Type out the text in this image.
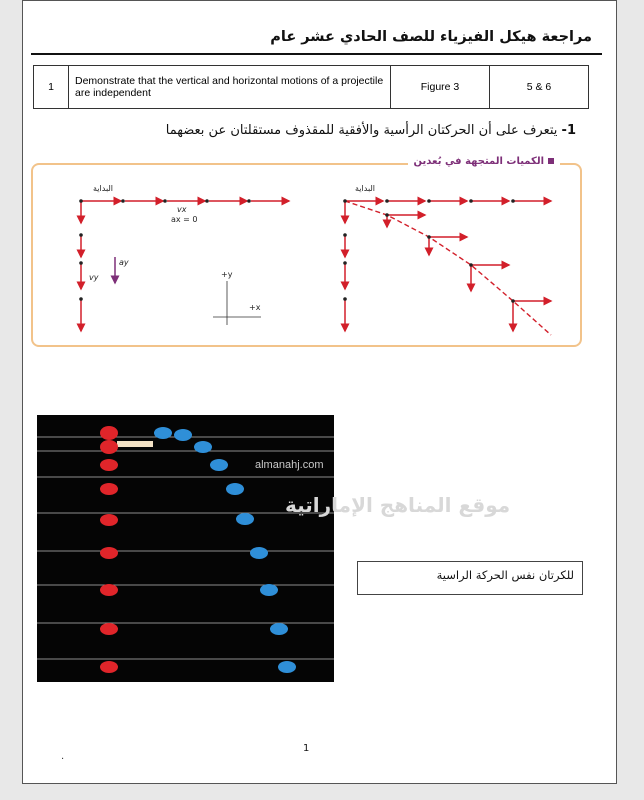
مراجعة هيكل الفيزياء للصف الحادي عشر عام
1	Demonstrate that the vertical and horizontal motions of a projectile are independent	Figure 3	5 & 6
1- يتعرف على أن الحركتان الرأسية والأفقية للمقذوف مستقلتان عن بعضهما
الكميات المتجهة في بُعدين
البداية
vx
ax = 0
ay
vy	+y
+x
البداية
almanahj.com
موقع المناهج الإماراتية
للكرتان نفس الحركة الراسية
.
1
